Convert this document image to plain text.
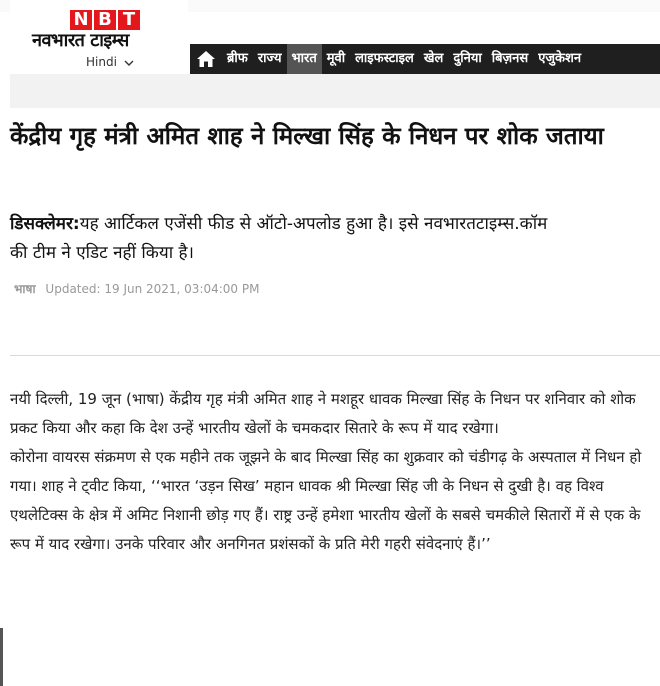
N B T
नवभारत टाइम्स
Hindi	ब्रीफ राज्य भारत मूवी लाइफस्टाइल खेल दुनिया बिज़नस एजुकेशन
केंद्रीय गृह मंत्री अमित शाह ने मिल्खा सिंह के निधन पर शोक जताया
डिसक्लेमर:यह आर्टिकल एजेंसी फीड से ऑटो-अपलोड हुआ है। इसे नवभारतटाइम्स.कॉम
की टीम ने एडिट नहीं किया है।
भाषा Updated: 19 Jun 2021, 03:04:00 PM

नयी दिल्ली, 19 जून (भाषा) केंद्रीय गृह मंत्री अमित शाह ने मशहूर धावक मिल्खा सिंह के निधन पर शनिवार को शोक प्रकट किया और कहा कि देश उन्हें भारतीय खेलों के चमकदार सितारे के रूप में याद रखेगा।

कोरोना वायरस संक्रमण से एक महीने तक जूझने के बाद मिल्खा सिंह का शुक्रवार को चंडीगढ़ के अस्पताल में निधन हो गया। शाह ने ट्वीट किया, ‘‘भारत ‘उड़न सिख’ महान धावक श्री मिल्खा सिंह जी के निधन से दुखी है। वह विश्व एथलेटिक्स के क्षेत्र में अमिट निशानी छोड़ गए हैं। राष्ट्र उन्हें हमेशा भारतीय खेलों के सबसे चमकीले सितारों में से एक के रूप में याद रखेगा। उनके परिवार और अनगिनत प्रशंसकों के प्रति मेरी गहरी संवेदनाएं हैं।’’
